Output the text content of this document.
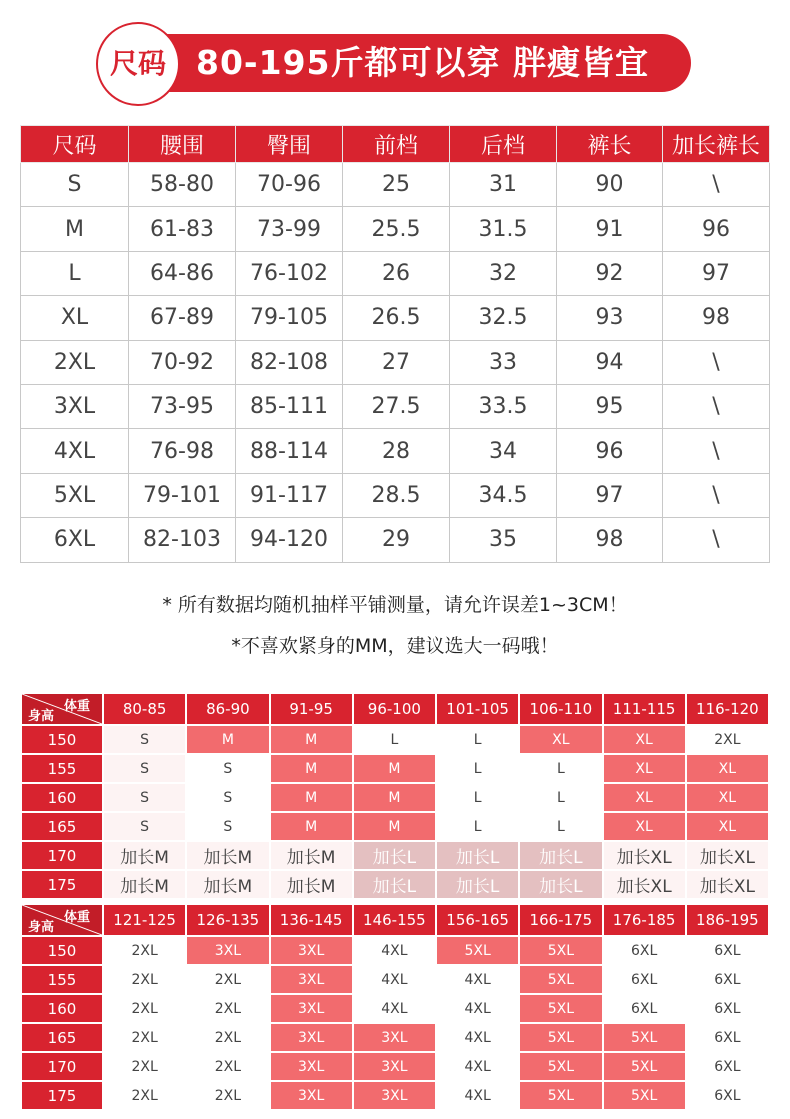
80-195斤都可以穿 胖瘦皆宜
尺码
尺码	腰围	臀围	前档	后档	裤长	加长裤长
S	58-80	70-96	25	31	90	\
M	61-83	73-99	25.5	31.5	91	96
L	64-86	76-102	26	32	92	97
XL	67-89	79-105	26.5	32.5	93	98
2XL	70-92	82-108	27	33	94	\
3XL	73-95	85-111	27.5	33.5	95	\
4XL	76-98	88-114	28	34	96	\
5XL	79-101	91-117	28.5	34.5	97	\
6XL	82-103	94-120	29	35	98	\
* 所有数据均随机抽样平铺测量，请允许误差1~3CM！
*不喜欢紧身的MM，建议选大一码哦！
体重
身高	80-85	86-90	91-95	96-100	101-105	106-110	111-115	116-120
150	S	M	M	L	L	XL	XL	2XL
155	S	S	M	M	L	L	XL	XL
160	S	S	M	M	L	L	XL	XL
165	S	S	M	M	L	L	XL	XL
170	加长M	加长M	加长M	加长L	加长L	加长L	加长XL	加长XL
175	加长M	加长M	加长M	加长L	加长L	加长L	加长XL	加长XL
体重
身高	121-125	126-135	136-145	146-155	156-165	166-175	176-185	186-195
150	2XL	3XL	3XL	4XL	5XL	5XL	6XL	6XL
155	2XL	2XL	3XL	4XL	4XL	5XL	6XL	6XL
160	2XL	2XL	3XL	4XL	4XL	5XL	6XL	6XL
165	2XL	2XL	3XL	3XL	4XL	5XL	5XL	6XL
170	2XL	2XL	3XL	3XL	4XL	5XL	5XL	6XL
175	2XL	2XL	3XL	3XL	4XL	5XL	5XL	6XL
